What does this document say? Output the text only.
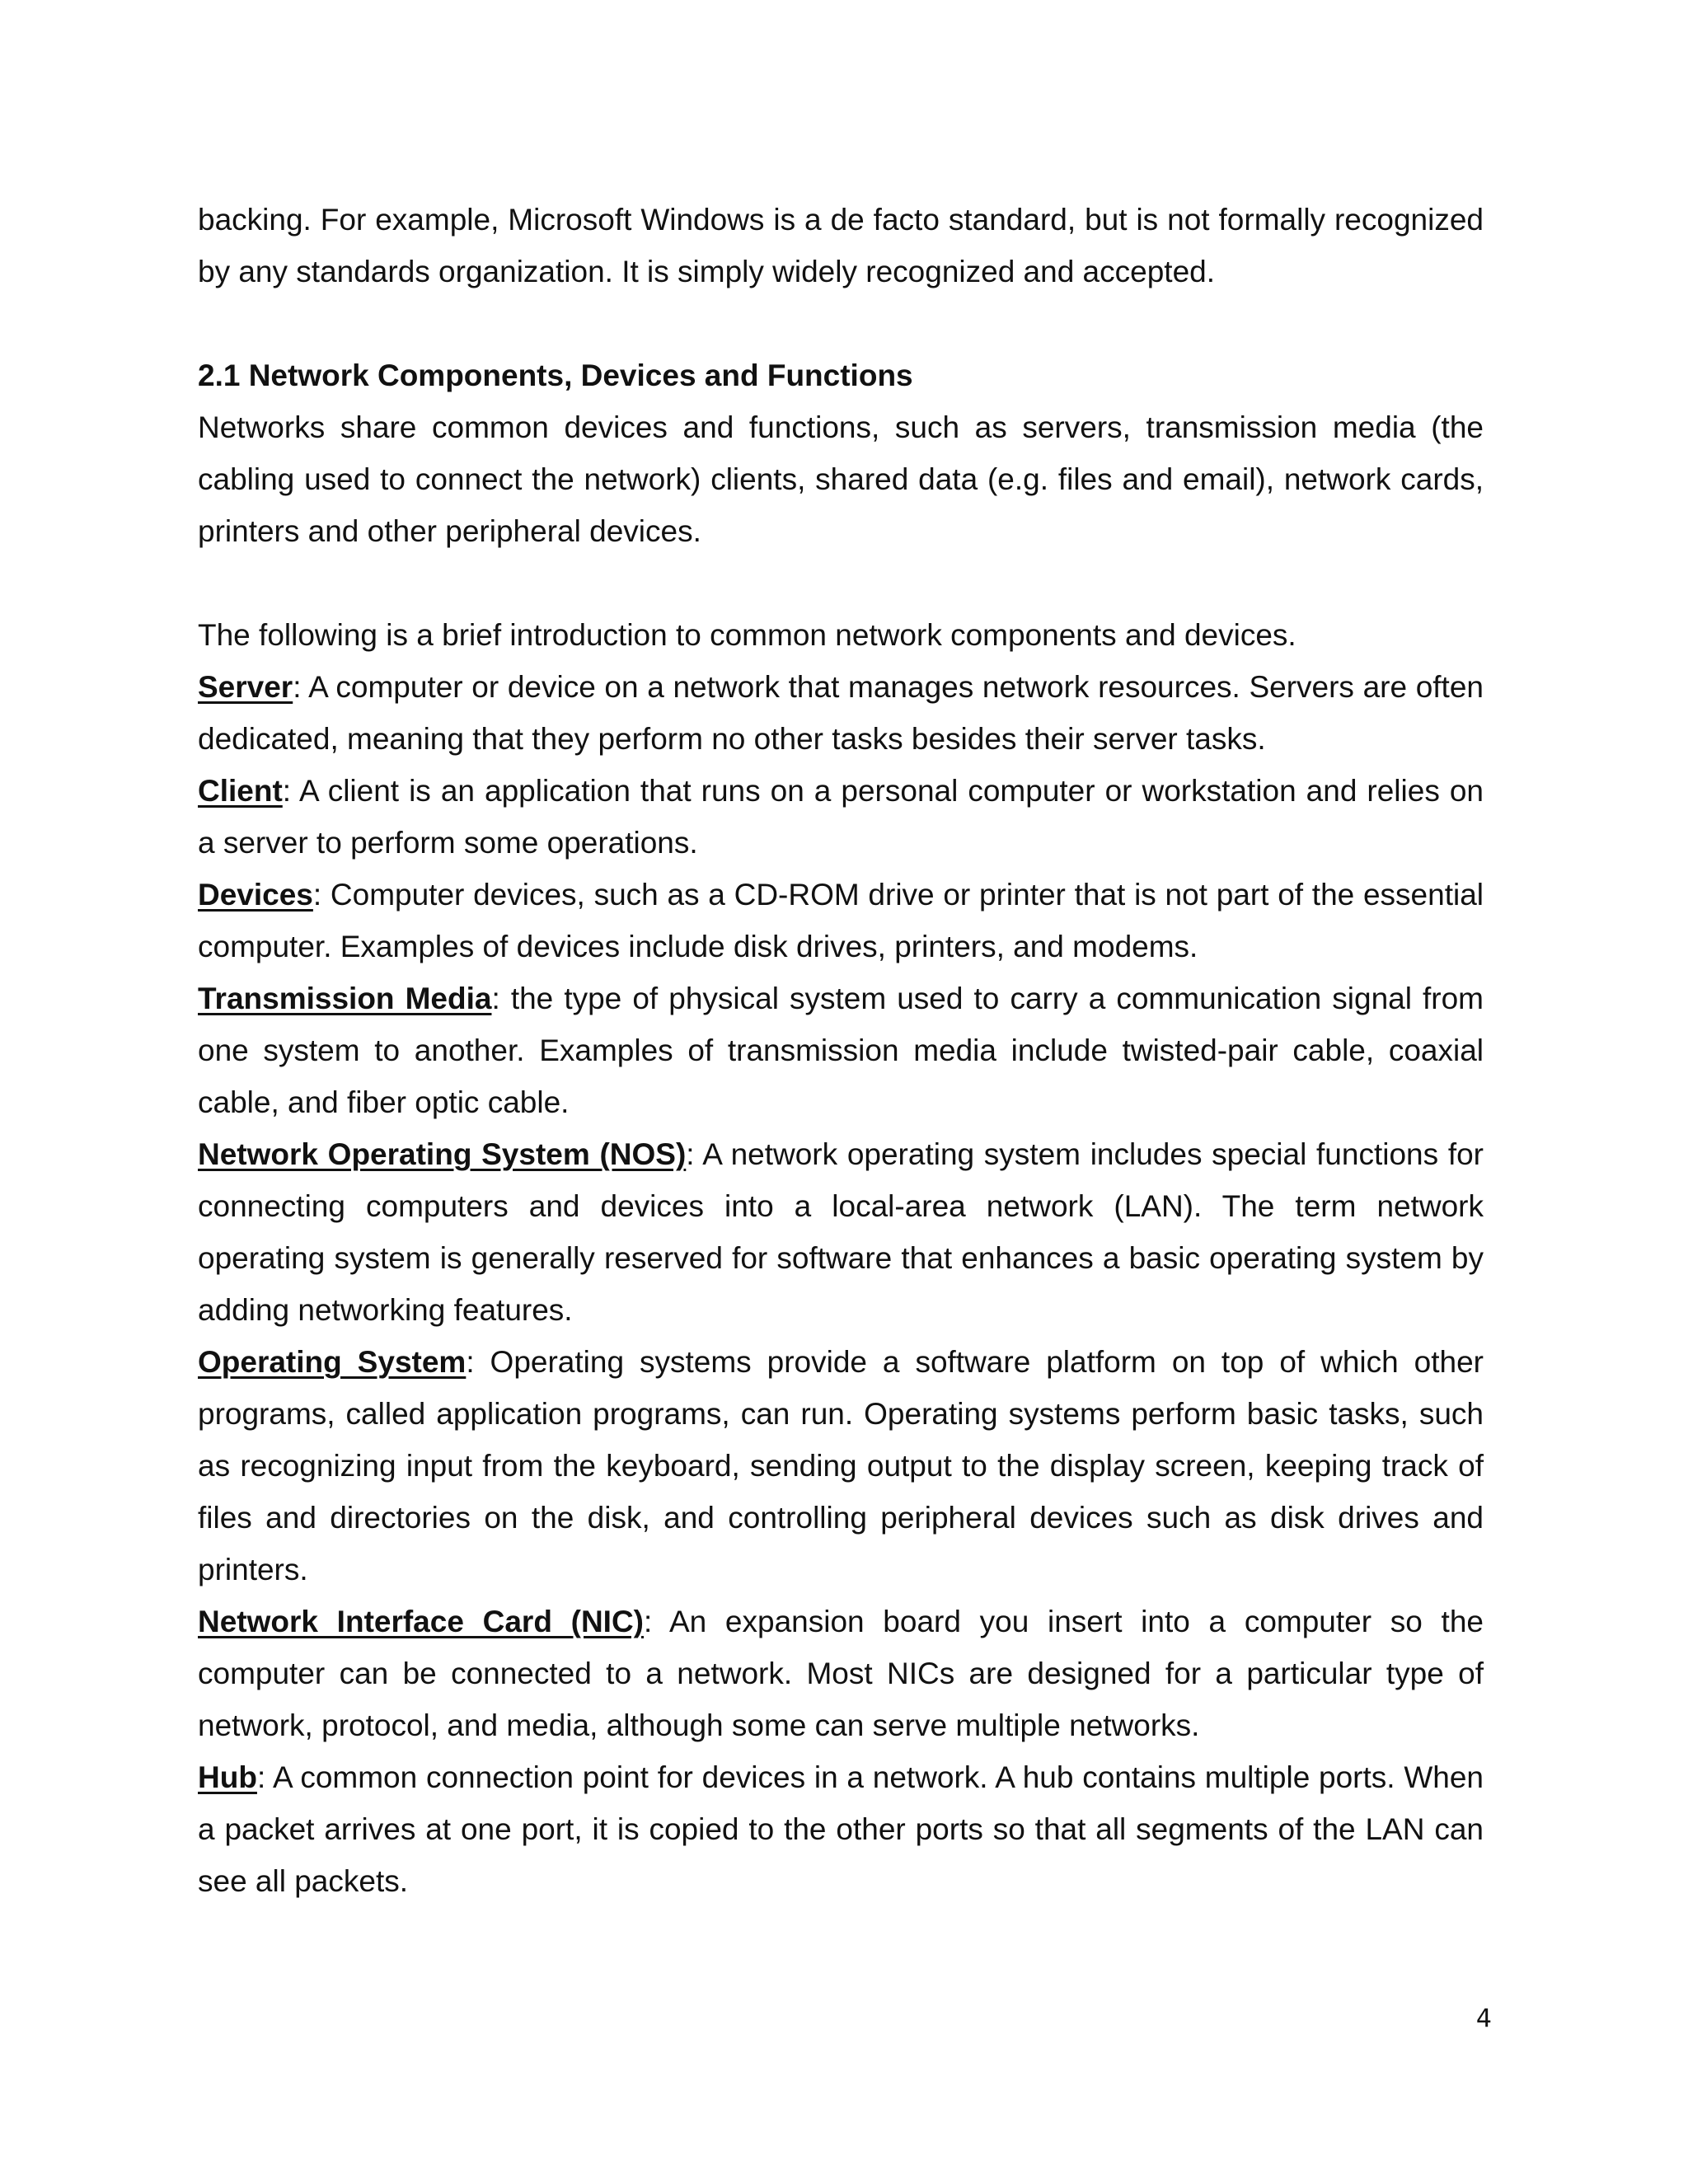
backing. For example, Microsoft Windows is a de facto standard, but is not formally recognized by any standards organization. It is simply widely recognized and accepted.

2.1 Network Components, Devices and Functions

Networks share common devices and functions, such as servers, transmission media (the cabling used to connect the network) clients, shared data (e.g. files and email), network cards, printers and other peripheral devices.

The following is a brief introduction to common network components and devices.

Server: A computer or device on a network that manages network resources. Servers are often dedicated, meaning that they perform no other tasks besides their server tasks.

Client: A client is an application that runs on a personal computer or workstation and relies on a server to perform some operations.

Devices: Computer devices, such as a CD-ROM drive or printer that is not part of the essential computer. Examples of devices include disk drives, printers, and modems.

Transmission Media: the type of physical system used to carry a communication signal from one system to another. Examples of transmission media include twisted-pair cable, coaxial cable, and fiber optic cable.

Network Operating System (NOS): A network operating system includes special functions for connecting computers and devices into a local-area network (LAN). The term network operating system is generally reserved for software that enhances a basic operating system by adding networking features.

Operating System: Operating systems provide a software platform on top of which other programs, called application programs, can run. Operating systems perform basic tasks, such as recognizing input from the keyboard, sending output to the display screen, keeping track of files and directories on the disk, and controlling peripheral devices such as disk drives and printers.

Network Interface Card (NIC): An expansion board you insert into a computer so the computer can be connected to a network. Most NICs are designed for a particular type of network, protocol, and media, although some can serve multiple networks.

Hub: A common connection point for devices in a network. A hub contains multiple ports. When a packet arrives at one port, it is copied to the other ports so that all segments of the LAN can see all packets.

4
